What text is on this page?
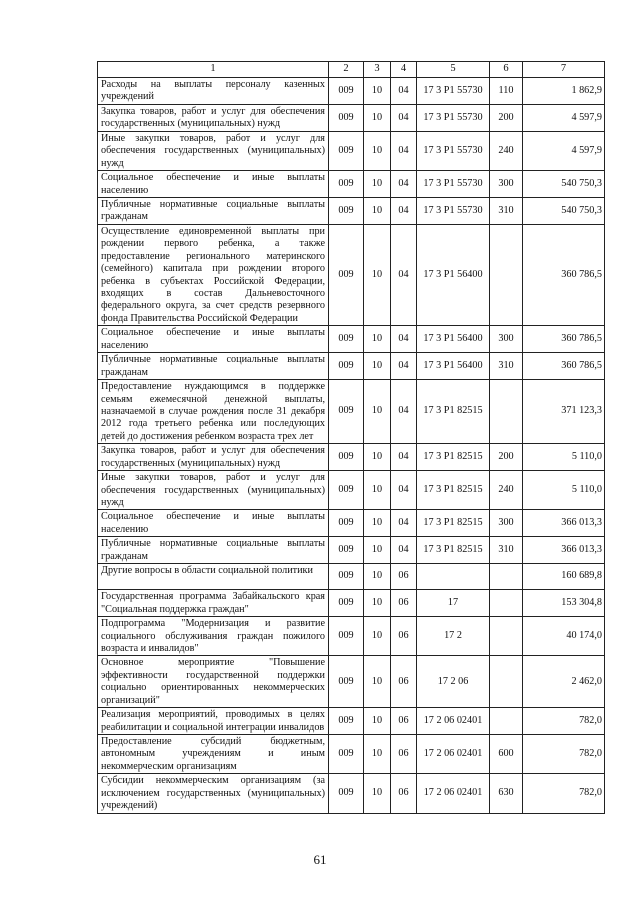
1	2	3	4	5	6	7
Расходы на выплаты персоналу казенных учреждений	009	10	04	17 3 P1 55730	110	1 862,9
Закупка товаров, работ и услуг для обеспечения государственных (муниципальных) нужд	009	10	04	17 3 P1 55730	200	4 597,9
Иные закупки товаров, работ и услуг для обеспечения государственных (муниципальных) нужд	009	10	04	17 3 P1 55730	240	4 597,9
Социальное обеспечение и иные выплаты населению	009	10	04	17 3 P1 55730	300	540 750,3
Публичные нормативные социальные выплаты гражданам	009	10	04	17 3 P1 55730	310	540 750,3
Осуществление единовременной выплаты при рождении первого ребенка, а также предоставление регионального материнского (семейного) капитала при рождении второго ребенка в субъектах Российской Федерации, входящих в состав Дальневосточного федерального округа, за счет средств резервного фонда Правительства Российской Федерации	009	10	04	17 3 P1 56400		360 786,5
Социальное обеспечение и иные выплаты населению	009	10	04	17 3 P1 56400	300	360 786,5
Публичные нормативные социальные выплаты гражданам	009	10	04	17 3 P1 56400	310	360 786,5
Предоставление нуждающимся в поддержке семьям ежемесячной денежной выплаты, назначаемой в случае рождения после 31 декабря 2012 года третьего ребенка или последующих детей до достижения ребенком возраста трех лет	009	10	04	17 3 P1 82515		371 123,3
Закупка товаров, работ и услуг для обеспечения государственных (муниципальных) нужд	009	10	04	17 3 P1 82515	200	5 110,0
Иные закупки товаров, работ и услуг для обеспечения государственных (муниципальных) нужд	009	10	04	17 3 P1 82515	240	5 110,0
Социальное обеспечение и иные выплаты населению	009	10	04	17 3 P1 82515	300	366 013,3
Публичные нормативные социальные выплаты гражданам	009	10	04	17 3 P1 82515	310	366 013,3
Другие вопросы в области социальной политики	009	10	06			160 689,8
Государственная программа Забайкальского края "Социальная поддержка граждан"	009	10	06	17		153 304,8
Подпрограмма "Модернизация и развитие социального обслуживания граждан пожилого возраста и инвалидов"	009	10	06	17 2		40 174,0
Основное мероприятие "Повышение эффективности государственной поддержки социально ориентированных некоммерческих организаций"	009	10	06	17 2 06		2 462,0
Реализация мероприятий, проводимых в целях реабилитации и социальной интеграции инвалидов	009	10	06	17 2 06 02401		782,0
Предоставление субсидий бюджетным, автономным учреждениям и иным некоммерческим организациям	009	10	06	17 2 06 02401	600	782,0
Субсидии некоммерческим организациям (за исключением государственных (муниципальных) учреждений)	009	10	06	17 2 06 02401	630	782,0
61
